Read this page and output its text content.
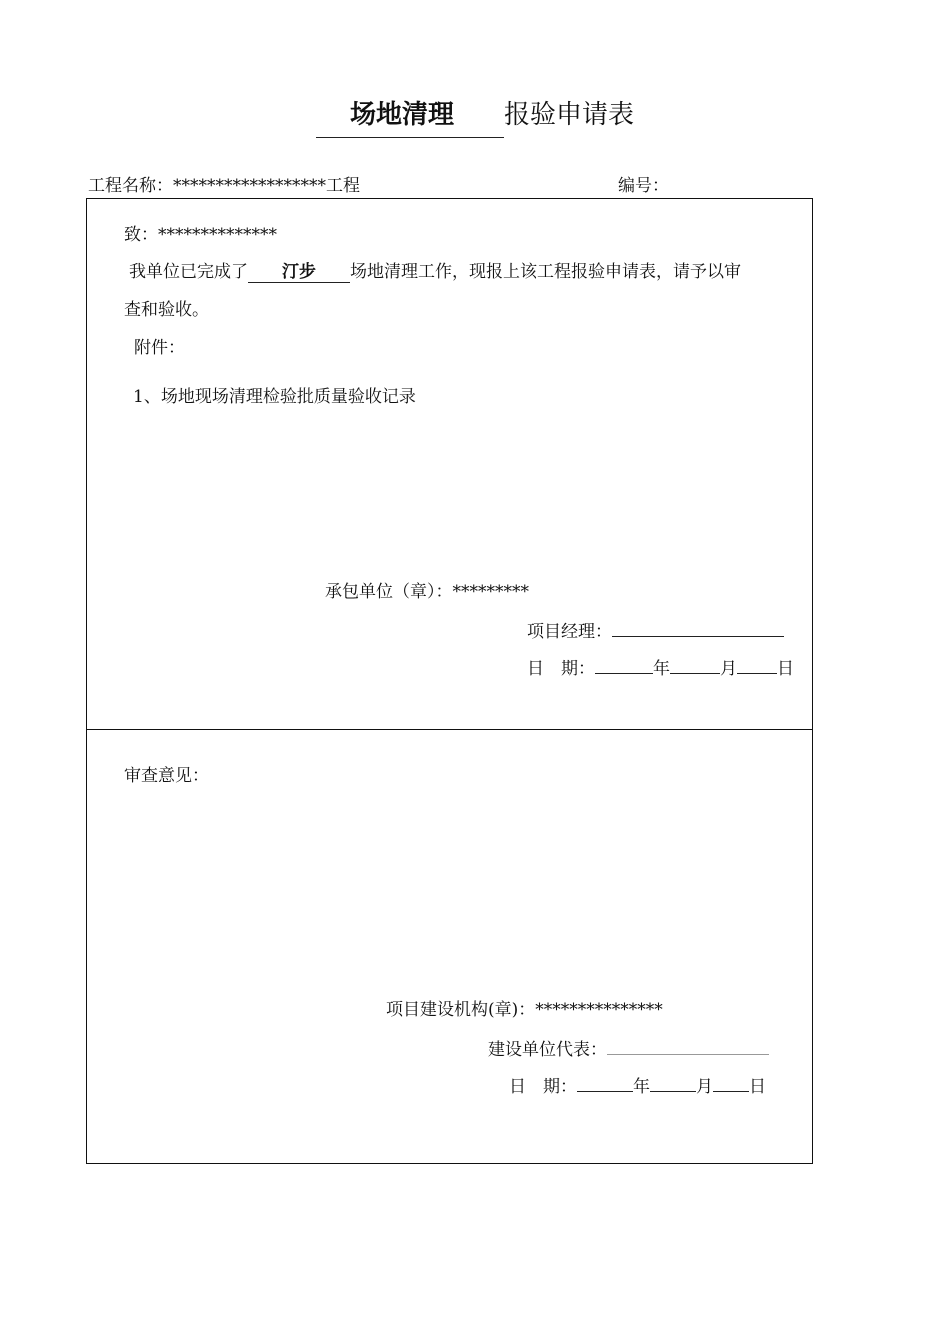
场地清理	报验申请表
工程名称：******************工程	编号：
致：**************
我单位已完成了 汀步 场地清理工作，现报上该工程报验申请表，请予以审
查和验收。
附件：
1、场地现场清理检验批质量验收记录
承包单位（章）：*********
项目经理：
日　期：	年	月 日
审查意见：
项目建设机构(章)：***************
建设单位代表：
日　期：	年	月 日
